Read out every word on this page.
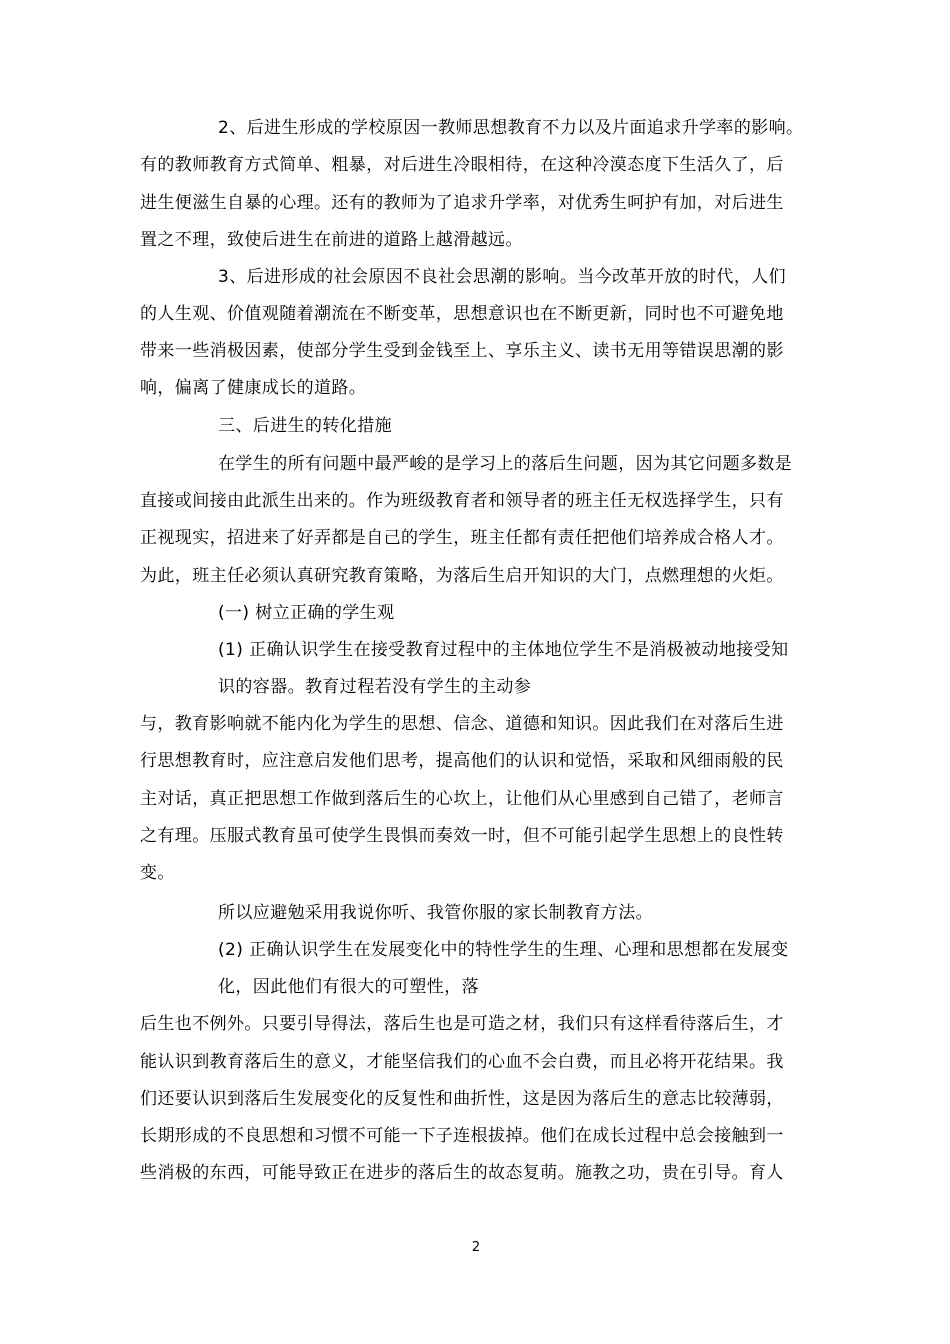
2、后进生形成的学校原因一教师思想教育不力以及片面追求升学率的影响。
有的教师教育方式简单、粗暴，对后进生冷眼相待，在这种冷漠态度下生活久了，后
进生便滋生自暴的心理。还有的教师为了追求升学率，对优秀生呵护有加，对后进生
置之不理，致使后进生在前进的道路上越滑越远。
3、后进形成的社会原因不良社会思潮的影响。当今改革开放的时代，人们
的人生观、价值观随着潮流在不断变革，思想意识也在不断更新，同时也不可避免地
带来一些消极因素，使部分学生受到金钱至上、享乐主义、读书无用等错误思潮的影
响，偏离了健康成长的道路。
三、后进生的转化措施
在学生的所有问题中最严峻的是学习上的落后生问题，因为其它问题多数是
直接或间接由此派生出来的。作为班级教育者和领导者的班主任无权选择学生，只有
正视现实，招进来了好弄都是自己的学生，班主任都有责任把他们培养成合格人才。
为此，班主任必须认真研究教育策略，为落后生启开知识的大门，点燃理想的火炬。
(一) 树立正确的学生观
(1) 正确认识学生在接受教育过程中的主体地位学生不是消极被动地接受知
识的容器。教育过程若没有学生的主动参
与，教育影响就不能内化为学生的思想、信念、道德和知识。因此我们在对落后生进
行思想教育时，应注意启发他们思考，提高他们的认识和觉悟，采取和风细雨般的民
主对话，真正把思想工作做到落后生的心坎上，让他们从心里感到自己错了，老师言
之有理。压服式教育虽可使学生畏惧而奏效一时，但不可能引起学生思想上的良性转
变。
所以应避勉采用我说你听、我管你服的家长制教育方法。
(2) 正确认识学生在发展变化中的特性学生的生理、心理和思想都在发展变
化，因此他们有很大的可塑性，落
后生也不例外。只要引导得法，落后生也是可造之材，我们只有这样看待落后生，才
能认识到教育落后生的意义，才能坚信我们的心血不会白费，而且必将开花结果。我
们还要认识到落后生发展变化的反复性和曲折性，这是因为落后生的意志比较薄弱，
长期形成的不良思想和习惯不可能一下子连根拔掉。他们在成长过程中总会接触到一
些消极的东西，可能导致正在进步的落后生的故态复萌。施教之功，贵在引导。育人
2
